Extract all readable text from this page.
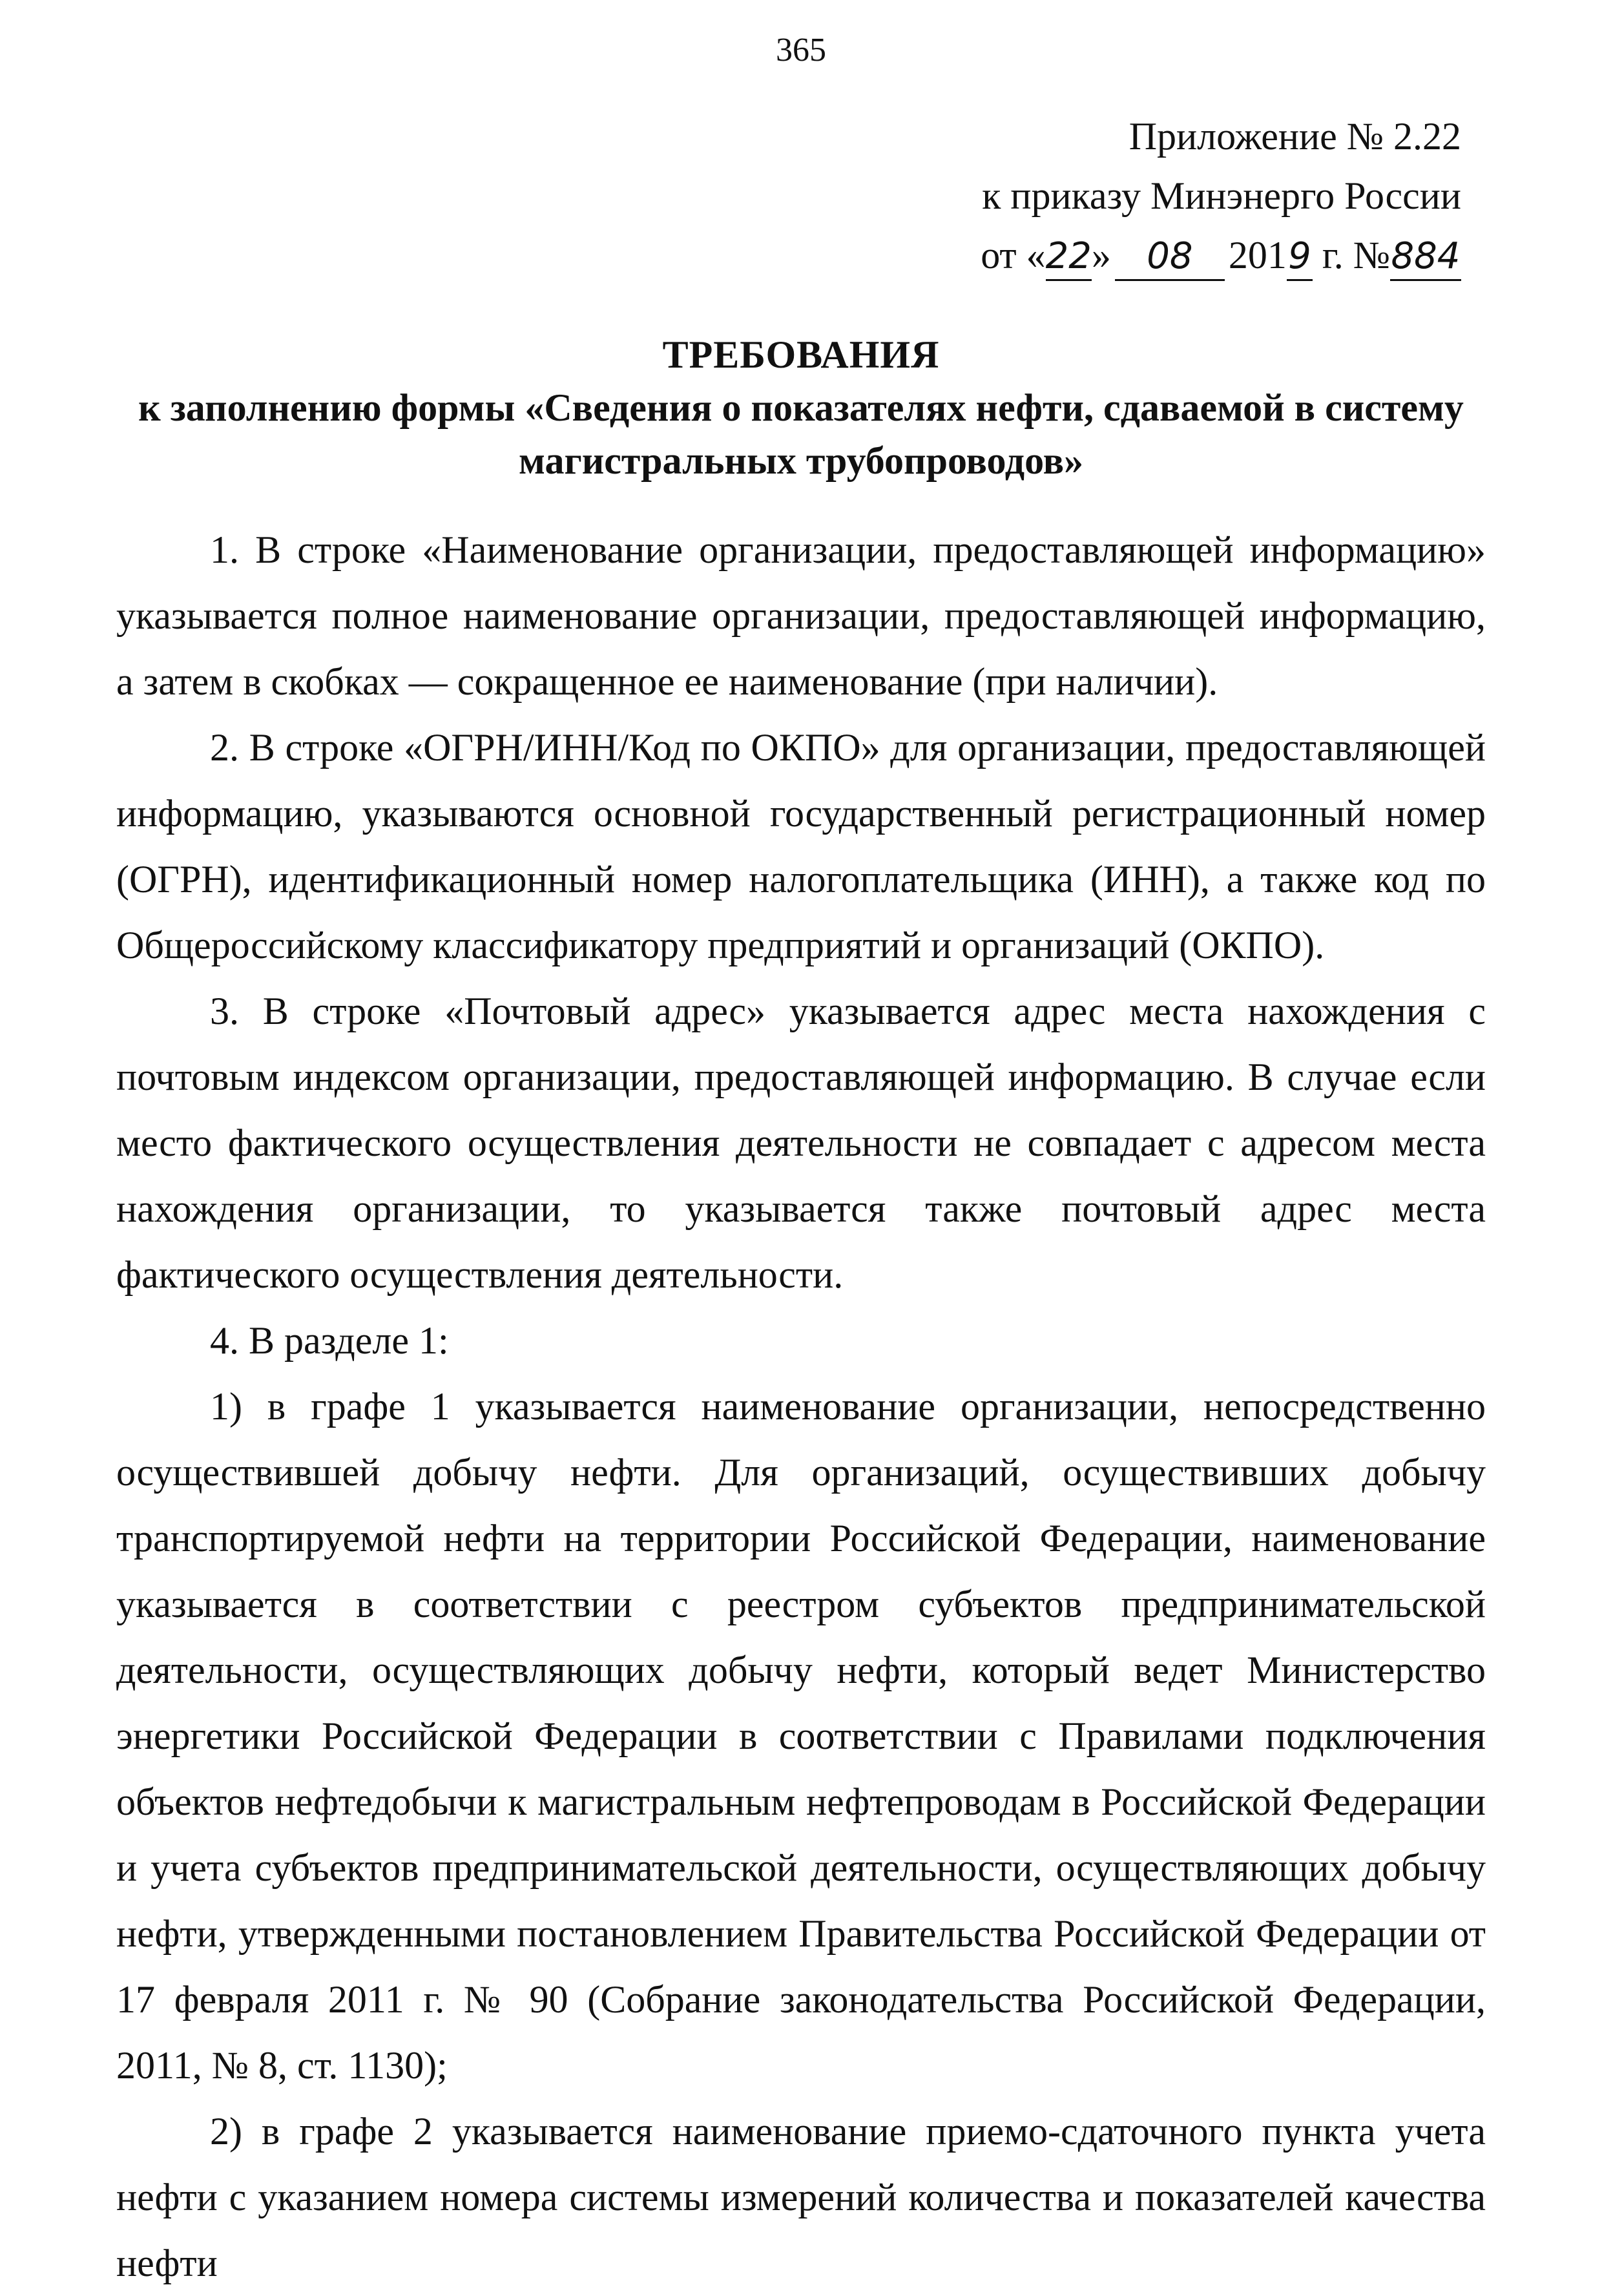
365
Приложение № 2.22
к приказу Минэнерго России
от «22» 08 2019 г. №884
ТРЕБОВАНИЯ
к заполнению формы «Сведения о показателях нефти, сдаваемой в систему магистральных трубопроводов»

1. В строке «Наименование организации, предоставляющей информацию» указывается полное наименование организации, предоставляющей информацию, а затем в скобках — сокращенное ее наименование (при наличии).

2. В строке «ОГРН/ИНН/Код по ОКПО» для организации, предоставляющей информацию, указываются основной государственный регистрационный номер (ОГРН), идентификационный номер налогоплательщика (ИНН), а также код по Общероссийскому классификатору предприятий и организаций (ОКПО).

3. В строке «Почтовый адрес» указывается адрес места нахождения с почтовым индексом организации, предоставляющей информацию. В случае если место фактического осуществления деятельности не совпадает с адресом места нахождения организации, то указывается также почтовый адрес места фактического осуществления деятельности.

4. В разделе 1:

1) в графе 1 указывается наименование организации, непосредственно осуществившей добычу нефти. Для организаций, осуществивших добычу транспортируемой нефти на территории Российской Федерации, наименование указывается в соответствии с реестром субъектов предпринимательской деятельности, осуществляющих добычу нефти, который ведет Министерство энергетики Российской Федерации в соответствии с Правилами подключения объектов нефтедобычи к магистральным нефтепроводам в Российской Федерации и учета субъектов предпринимательской деятельности, осуществляющих добычу нефти, утвержденными постановлением Правительства Российской Федерации от 17 февраля 2011 г. № 90 (Собрание законодательства Российской Федерации, 2011, № 8, ст. 1130);

2) в графе 2 указывается наименование приемо-сдаточного пункта учета нефти с указанием номера системы измерений количества и показателей качества нефти
